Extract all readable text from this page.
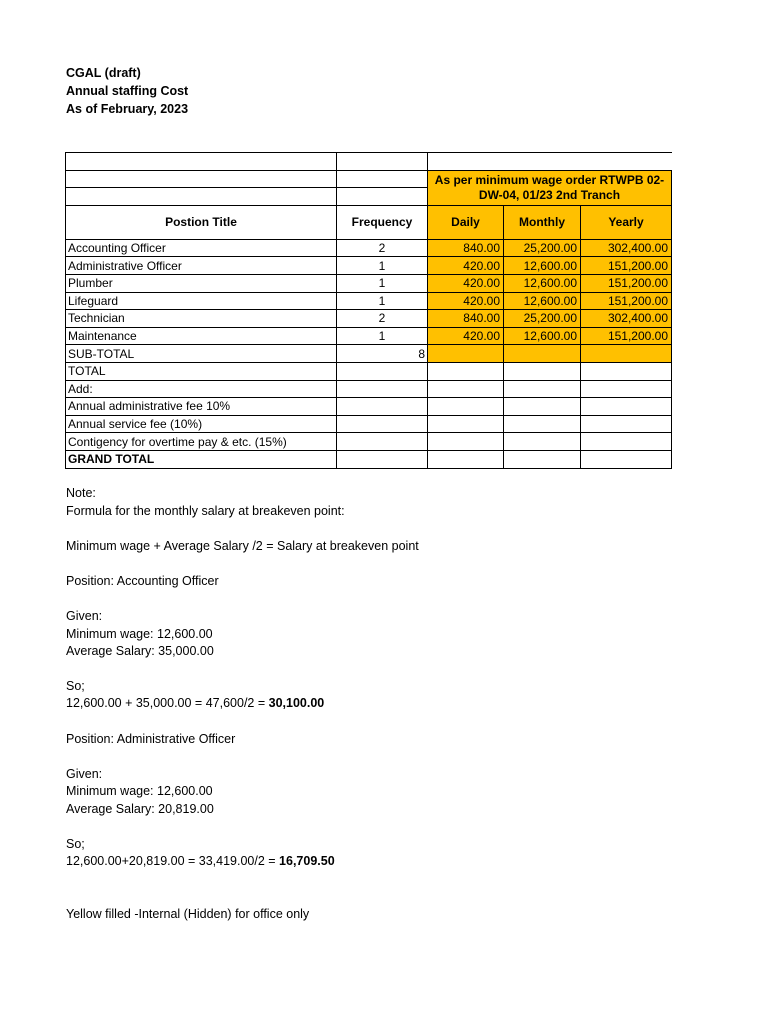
CGAL (draft)
Annual staffing Cost
As of February, 2023

		As per minimum wage order RTWPB 02-DW-04, 01/23 2nd Tranch		

Postion Title	Frequency	Daily	Monthly	Yearly
Accounting Officer	2	840.00	25,200.00	302,400.00
Administrative Officer	1	420.00	12,600.00	151,200.00
Plumber	1	420.00	12,600.00	151,200.00
Lifeguard	1	420.00	12,600.00	151,200.00
Technician	2	840.00	25,200.00	302,400.00
Maintenance	1	420.00	12,600.00	151,200.00
SUB-TOTAL	8			
TOTAL				
Add:				
Annual administrative fee 10%				
Annual service fee (10%)				
Contigency for overtime pay & etc. (15%)				
GRAND TOTAL				
Note:
Formula for the monthly salary at breakeven point:
Minimum wage + Average Salary /2 = Salary at breakeven point
Position: Accounting Officer
Given:
Minimum wage: 12,600.00
Average Salary: 35,000.00
So;
12,600.00 + 35,000.00 = 47,600/2 = 30,100.00
Position: Administrative Officer
Given:
Minimum wage: 12,600.00
Average Salary: 20,819.00
So;
12,600.00+20,819.00 = 33,419.00/2 = 16,709.50
Yellow filled -Internal (Hidden) for office only
